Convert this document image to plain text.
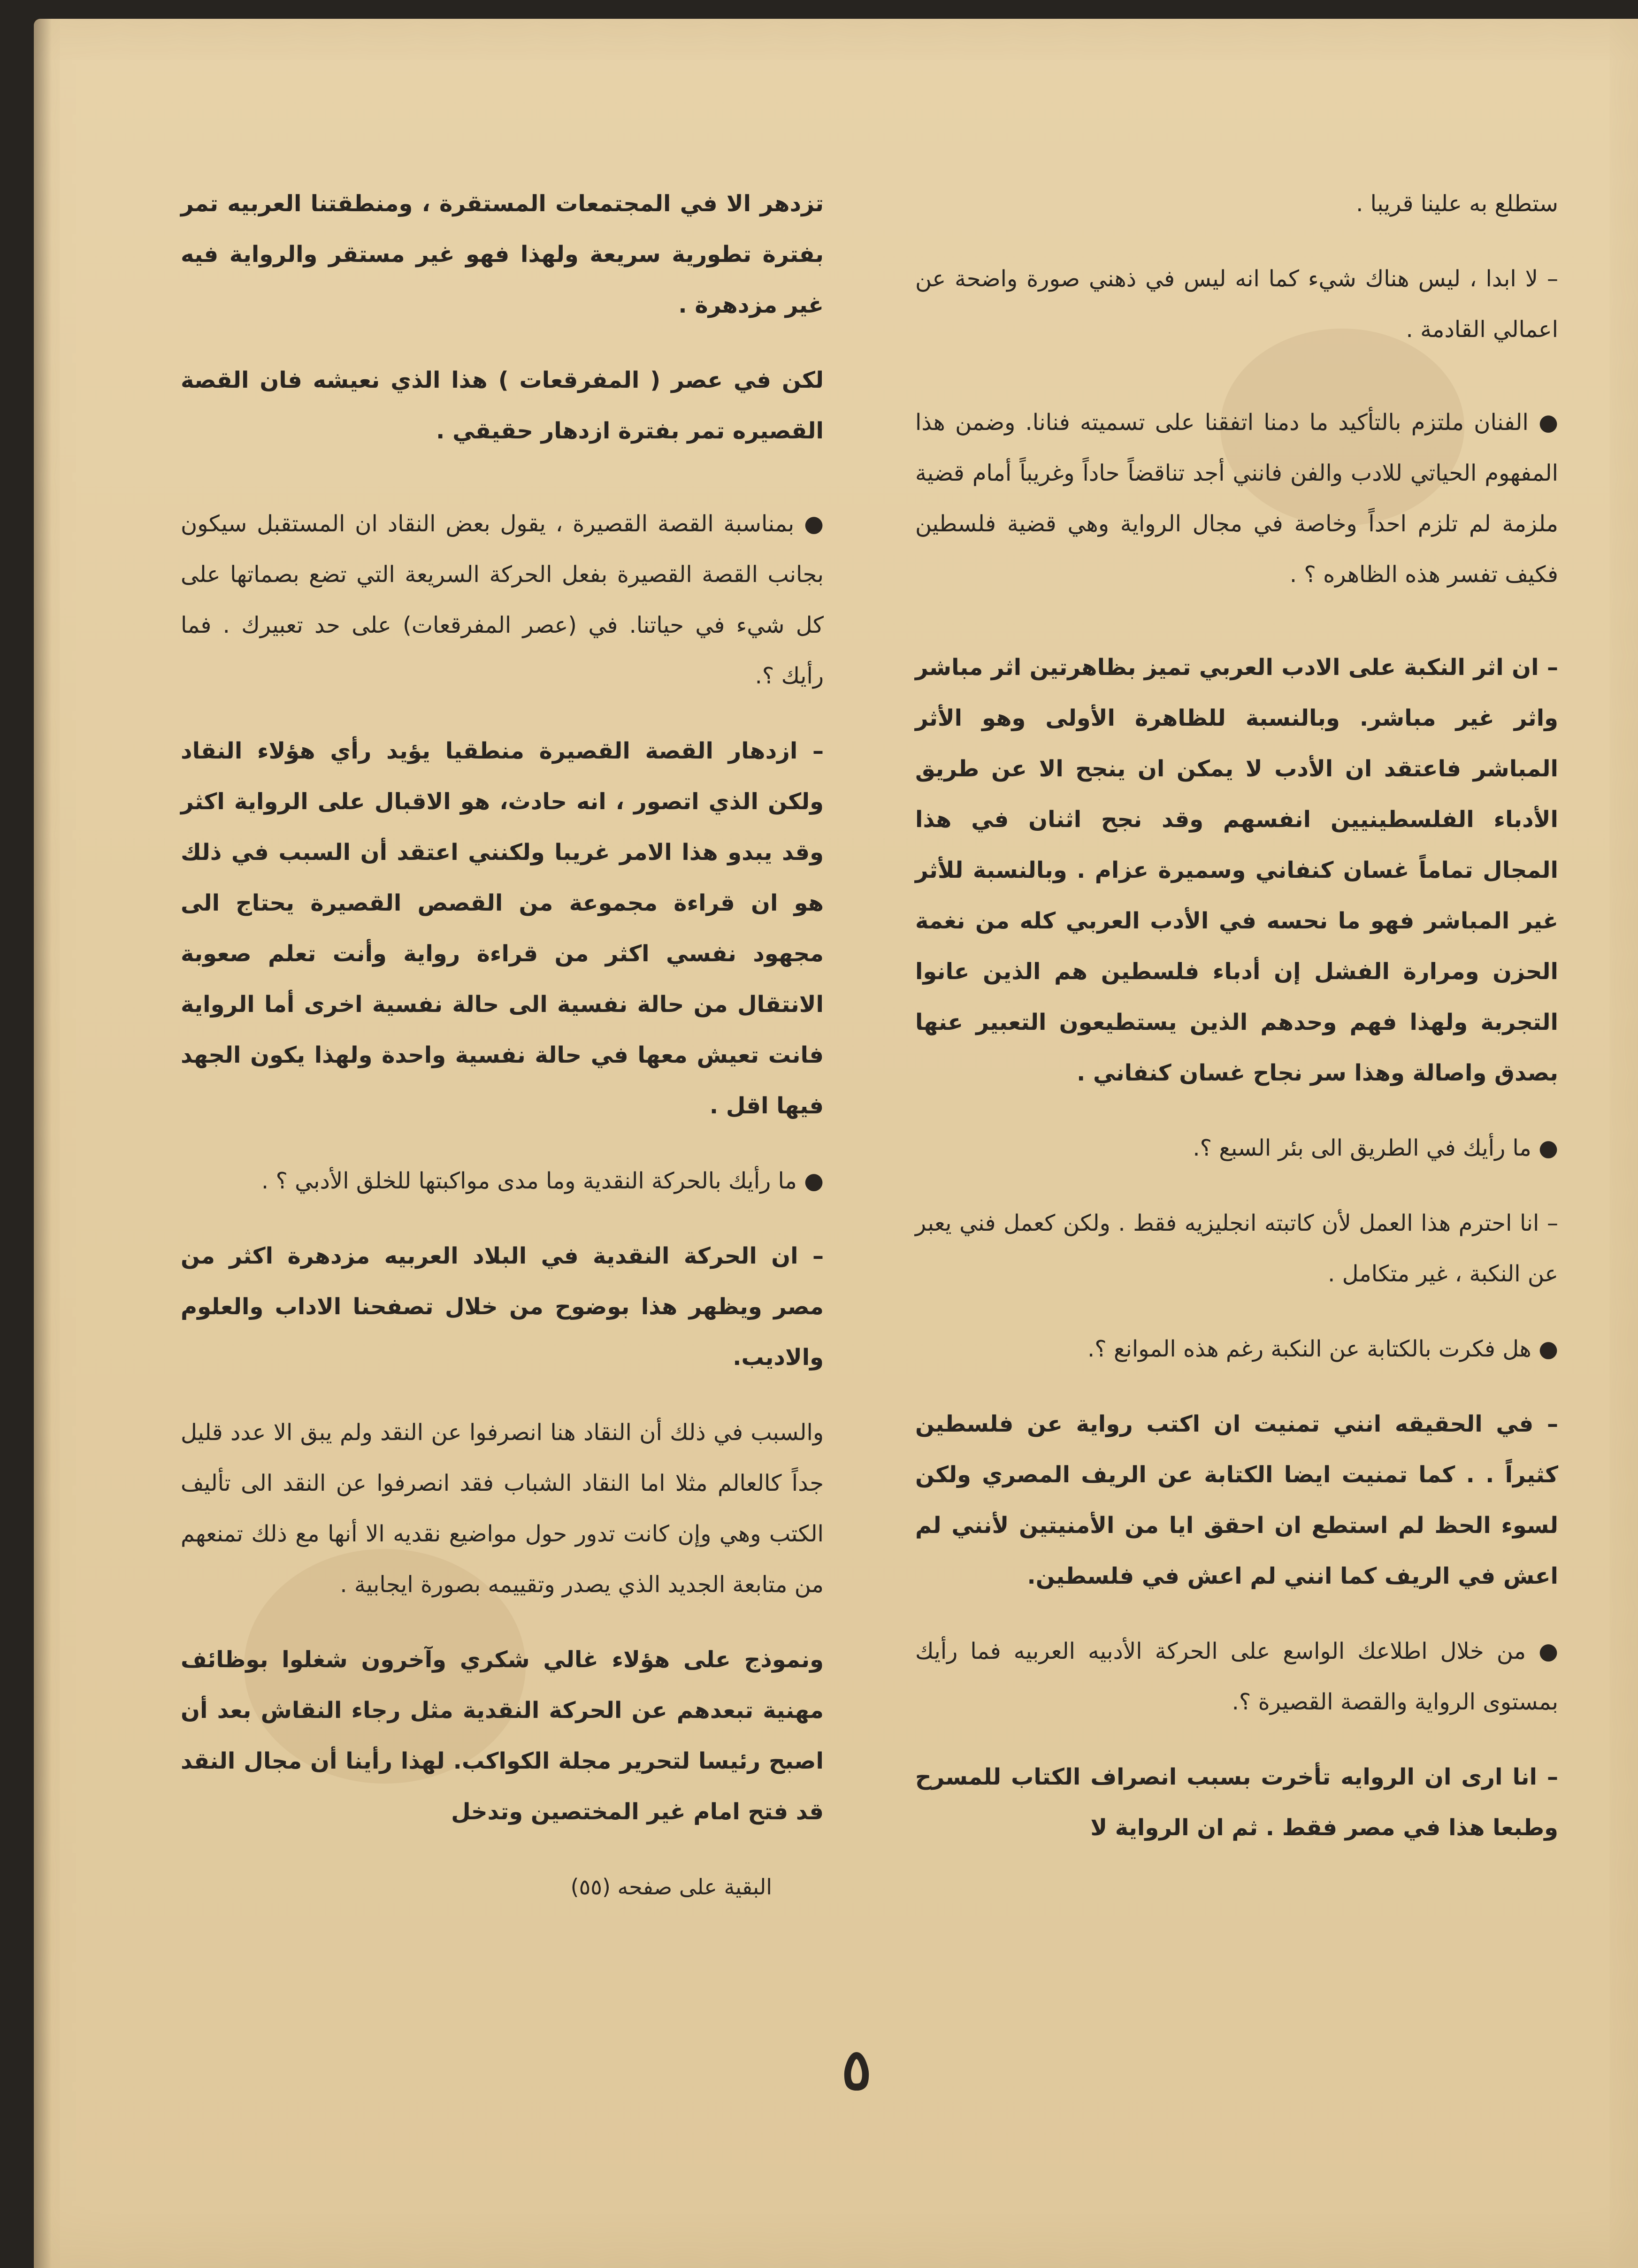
ستطلع به علينا قريبا .

– لا ابدا ، ليس هناك شيء كما انه ليس في ذهني صورة واضحة عن اعمالي القادمة .

● الفنان ملتزم بالتأكيد ما دمنا اتفقنا على تسميته فنانا. وضمن هذا المفهوم الحياتي للادب والفن فانني أجد تناقضاً حاداً وغريباً أمام قضية ملزمة لم تلزم احداً وخاصة في مجال الرواية وهي قضية فلسطين فكيف تفسر هذه الظاهره ؟ .

– ان اثر النكبة على الادب العربي تميز بظاهرتين اثر مباشر واثر غير مباشر. وبالنسبة للظاهرة الأولى وهو الأثر المباشر فاعتقد ان الأدب لا يمكن ان ينجح الا عن طريق الأدباء الفلسطينيين انفسهم وقد نجح اثنان في هذا المجال تماماً غسان كنفاني وسميرة عزام . وبالنسبة للأثر غير المباشر فهو ما نحسه في الأدب العربي كله من نغمة الحزن ومرارة الفشل إن أدباء فلسطين هم الذين عانوا التجربة ولهذا فهم وحدهم الذين يستطيعون التعبير عنها بصدق واصالة وهذا سر نجاح غسان كنفاني .

● ما رأيك في الطريق الى بئر السبع ؟.

– انا احترم هذا العمل لأن كاتبته انجليزيه فقط . ولكن كعمل فني يعبر عن النكبة ، غير متكامل .

● هل فكرت بالكتابة عن النكبة رغم هذه الموانع ؟.

– في الحقيقه انني تمنيت ان اكتب رواية عن فلسطين كثيراً . . كما تمنيت ايضا الكتابة عن الريف المصري ولكن لسوء الحظ لم استطع ان احقق ايا من الأمنيتين لأنني لم اعش في الريف كما انني لم اعش في فلسطين.

● من خلال اطلاعك الواسع على الحركة الأدبيه العربيه فما رأيك بمستوى الرواية والقصة القصيرة ؟.

– انا ارى ان الروايه تأخرت بسبب انصراف الكتاب للمسرح وطبعا هذا في مصر فقط . ثم ان الرواية لا

تزدهر الا في المجتمعات المستقرة ، ومنطقتنا العربيه تمر بفترة تطورية سريعة ولهذا فهو غير مستقر والرواية فيه غير مزدهرة .

لكن في عصر ( المفرقعات ) هذا الذي نعيشه فان القصة القصيره تمر بفترة ازدهار حقيقي .

● بمناسبة القصة القصيرة ، يقول بعض النقاد ان المستقبل سيكون بجانب القصة القصيرة بفعل الحركة السريعة التي تضع بصماتها على كل شيء في حياتنا. في (عصر المفرقعات) على حد تعبيرك . فما رأيك ؟.

– ازدهار القصة القصيرة منطقيا يؤيد رأي هؤلاء النقاد ولكن الذي اتصور ، انه حادث، هو الاقبال على الرواية اكثر وقد يبدو هذا الامر غريبا ولكنني اعتقد أن السبب في ذلك هو ان قراءة مجموعة من القصص القصيرة يحتاج الى مجهود نفسي اكثر من قراءة رواية وأنت تعلم صعوبة الانتقال من حالة نفسية الى حالة نفسية اخرى أما الرواية فانت تعيش معها في حالة نفسية واحدة ولهذا يكون الجهد فيها اقل .

● ما رأيك بالحركة النقدية وما مدى مواكبتها للخلق الأدبي ؟ .

– ان الحركة النقدية في البلاد العربيه مزدهرة اكثر من مصر ويظهر هذا بوضوح من خلال تصفحنا الاداب والعلوم والاديب.

والسبب في ذلك أن النقاد هنا انصرفوا عن النقد ولم يبق الا عدد قليل جداً كالعالم مثلا اما النقاد الشباب فقد انصرفوا عن النقد الى تأليف الكتب وهي وإن كانت تدور حول مواضيع نقديه الا أنها مع ذلك تمنعهم من متابعة الجديد الذي يصدر وتقييمه بصورة ايجابية .

ونموذج على هؤلاء غالي شكري وآخرون شغلوا بوظائف مهنية تبعدهم عن الحركة النقدية مثل رجاء النقاش بعد أن اصبح رئيسا لتحرير مجلة الكواكب. لهذا رأينا أن مجال النقد قد فتح امام غير المختصين وتدخل

البقية على صفحه (٥٥)
٥
